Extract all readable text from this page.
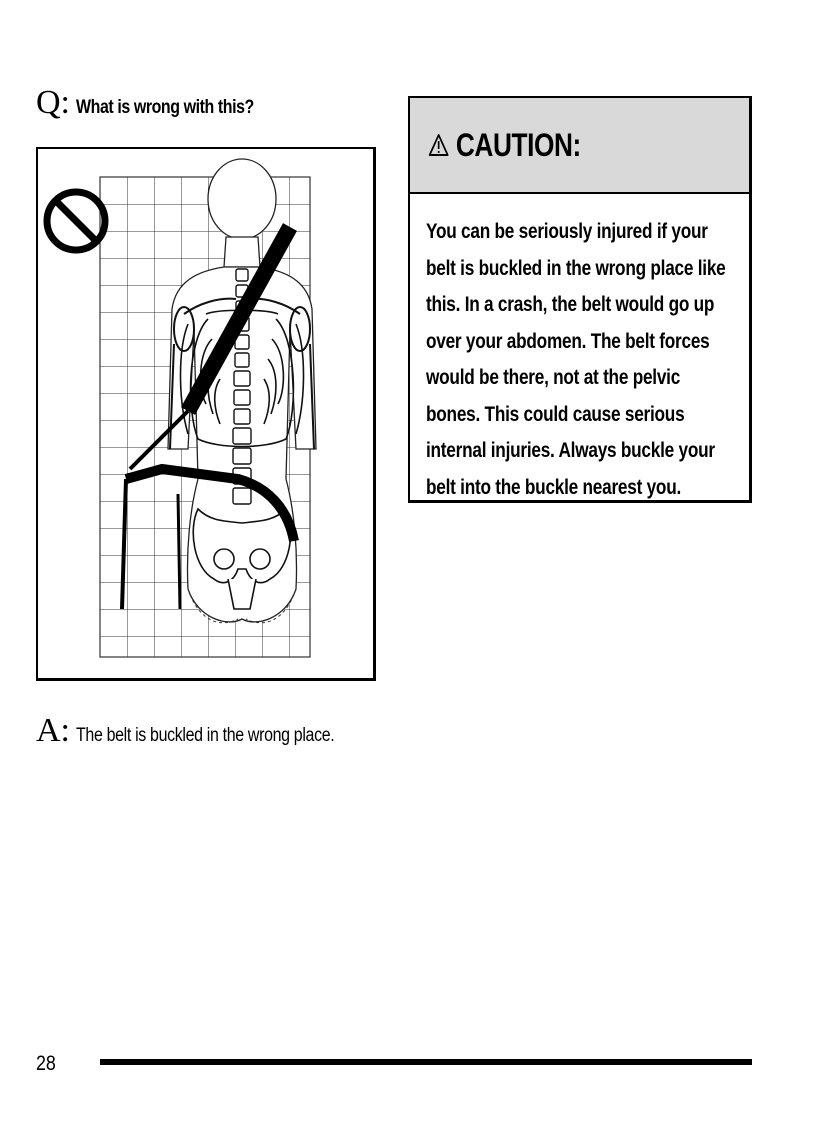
Q: What is wrong with this?
A: The belt is buckled in the wrong place.
CAUTION:

You can be seriously injured if your belt is buckled in the wrong place like this. In a crash, the belt would go up over your abdomen. The belt forces would be there, not at the pelvic bones. This could cause serious internal injuries. Always buckle your belt into the buckle nearest you.

28
